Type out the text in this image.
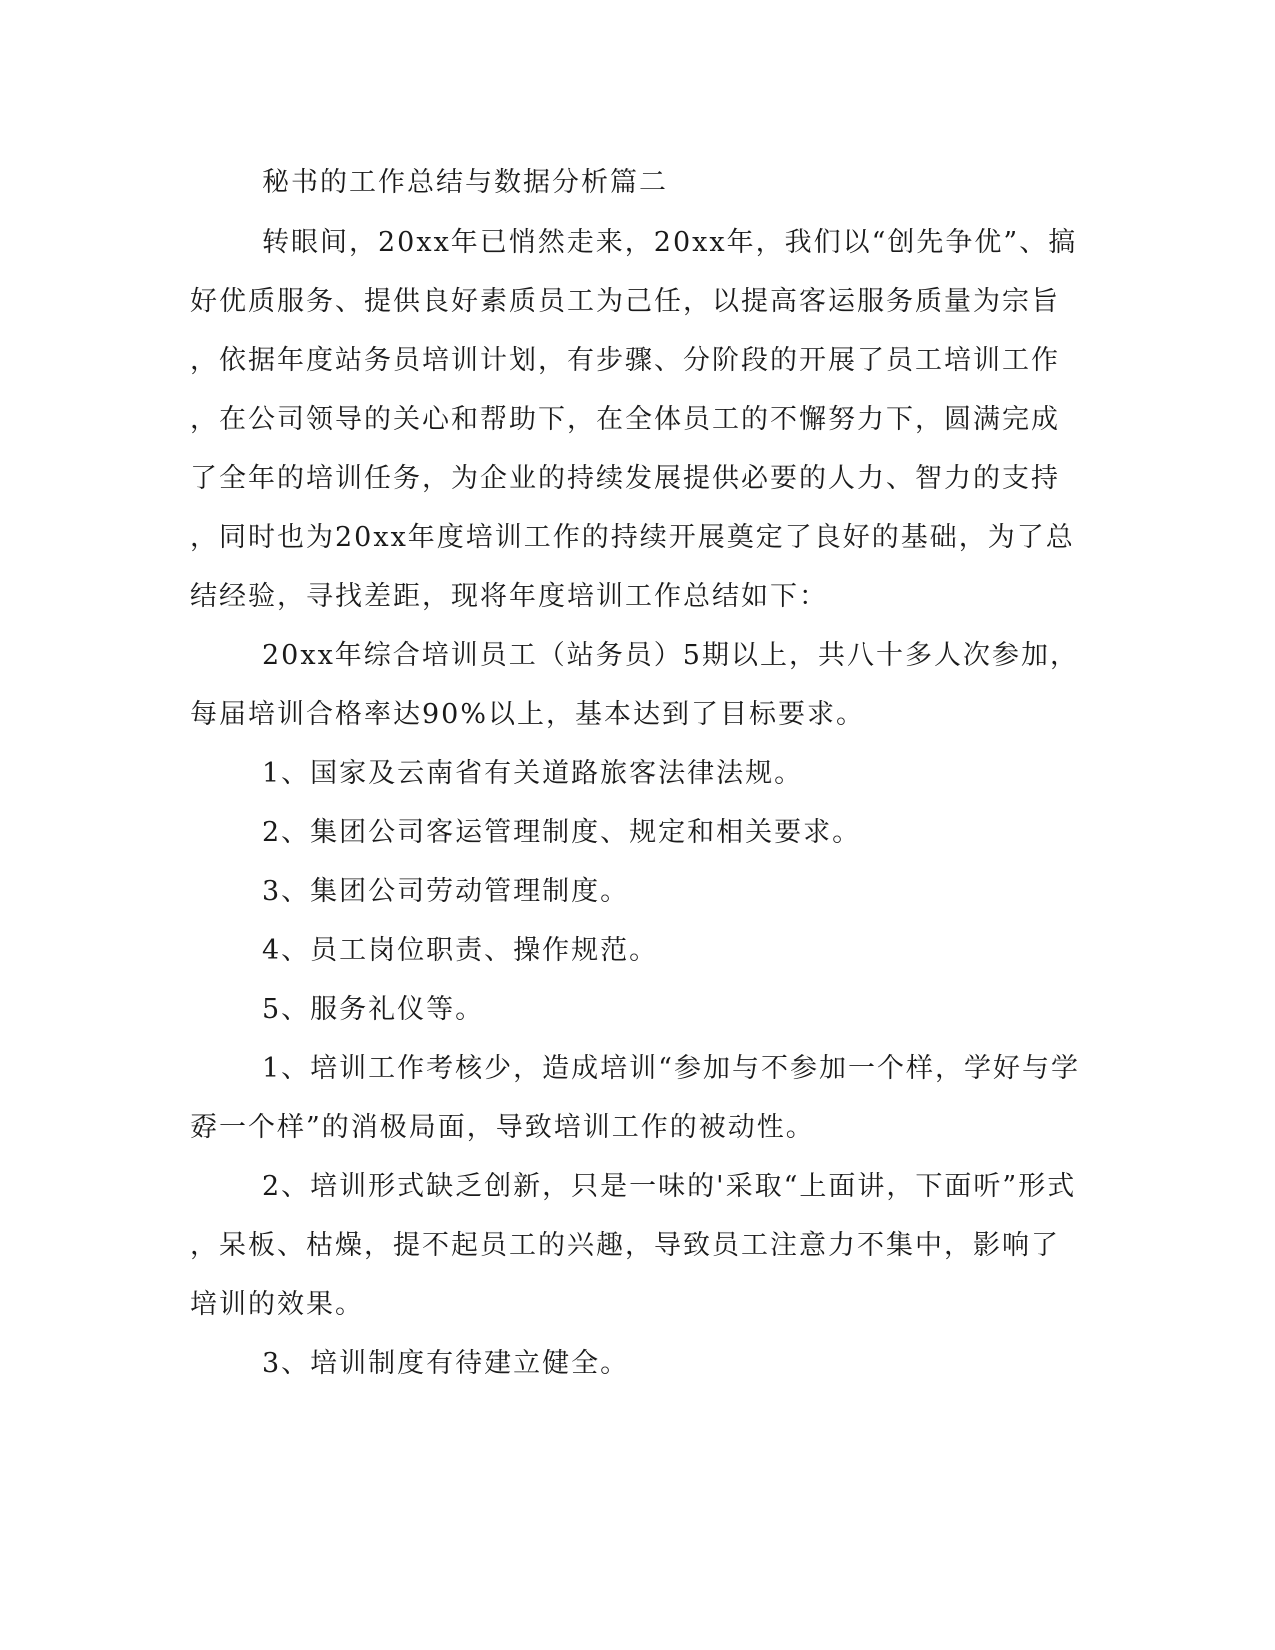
秘书的工作总结与数据分析篇二
转眼间，20xx年已悄然走来，20xx年，我们以“创先争优”、搞
好优质服务、提供良好素质员工为己任，以提高客运服务质量为宗旨
，依据年度站务员培训计划，有步骤、分阶段的开展了员工培训工作
，在公司领导的关心和帮助下，在全体员工的不懈努力下，圆满完成
了全年的培训任务，为企业的持续发展提供必要的人力、智力的支持
，同时也为20xx年度培训工作的持续开展奠定了良好的基础，为了总
结经验，寻找差距，现将年度培训工作总结如下：
20xx年综合培训员工（站务员）5期以上，共八十多人次参加，
每届培训合格率达90%以上，基本达到了目标要求。
1、国家及云南省有关道路旅客法律法规。
2、集团公司客运管理制度、规定和相关要求。
3、集团公司劳动管理制度。
4、员工岗位职责、操作规范。
5、服务礼仪等。
1、培训工作考核少，造成培训“参加与不参加一个样，学好与学
孬一个样”的消极局面，导致培训工作的被动性。
2、培训形式缺乏创新，只是一味的'采取“上面讲，下面听”形式
，呆板、枯燥，提不起员工的兴趣，导致员工注意力不集中，影响了
培训的效果。
3、培训制度有待建立健全。
